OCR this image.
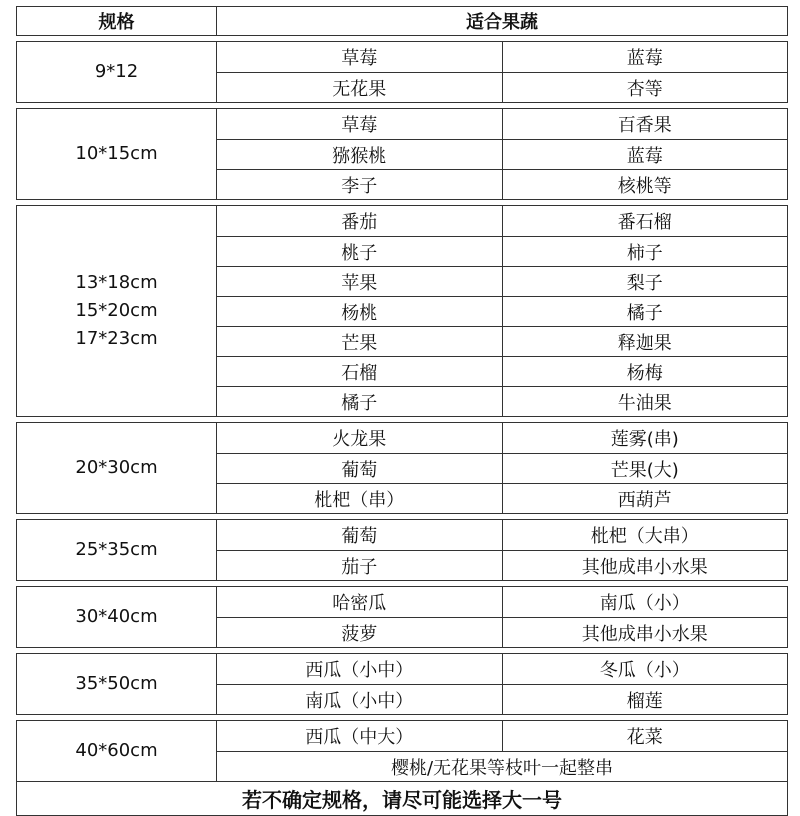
规格	适合果蔬
9*12
草莓	蓝莓
无花果	杏等
10*15cm
草莓	百香果
猕猴桃	蓝莓
李子	核桃等
13*18cm
15*20cm
17*23cm
番茄	番石榴
桃子	柿子
苹果	梨子
杨桃	橘子
芒果	释迦果
石榴	杨梅
橘子	牛油果
20*30cm
火龙果	莲雾(串)
葡萄	芒果(大)
枇杷（串）	西葫芦
25*35cm
葡萄	枇杷（大串）
茄子	其他成串小水果
30*40cm
哈密瓜	南瓜（小）
菠萝	其他成串小水果
35*50cm
西瓜（小中）	冬瓜（小）
南瓜（小中）	榴莲
40*60cm
西瓜（中大）	花菜
樱桃/无花果等枝叶一起整串
若不确定规格，请尽可能选择大一号
